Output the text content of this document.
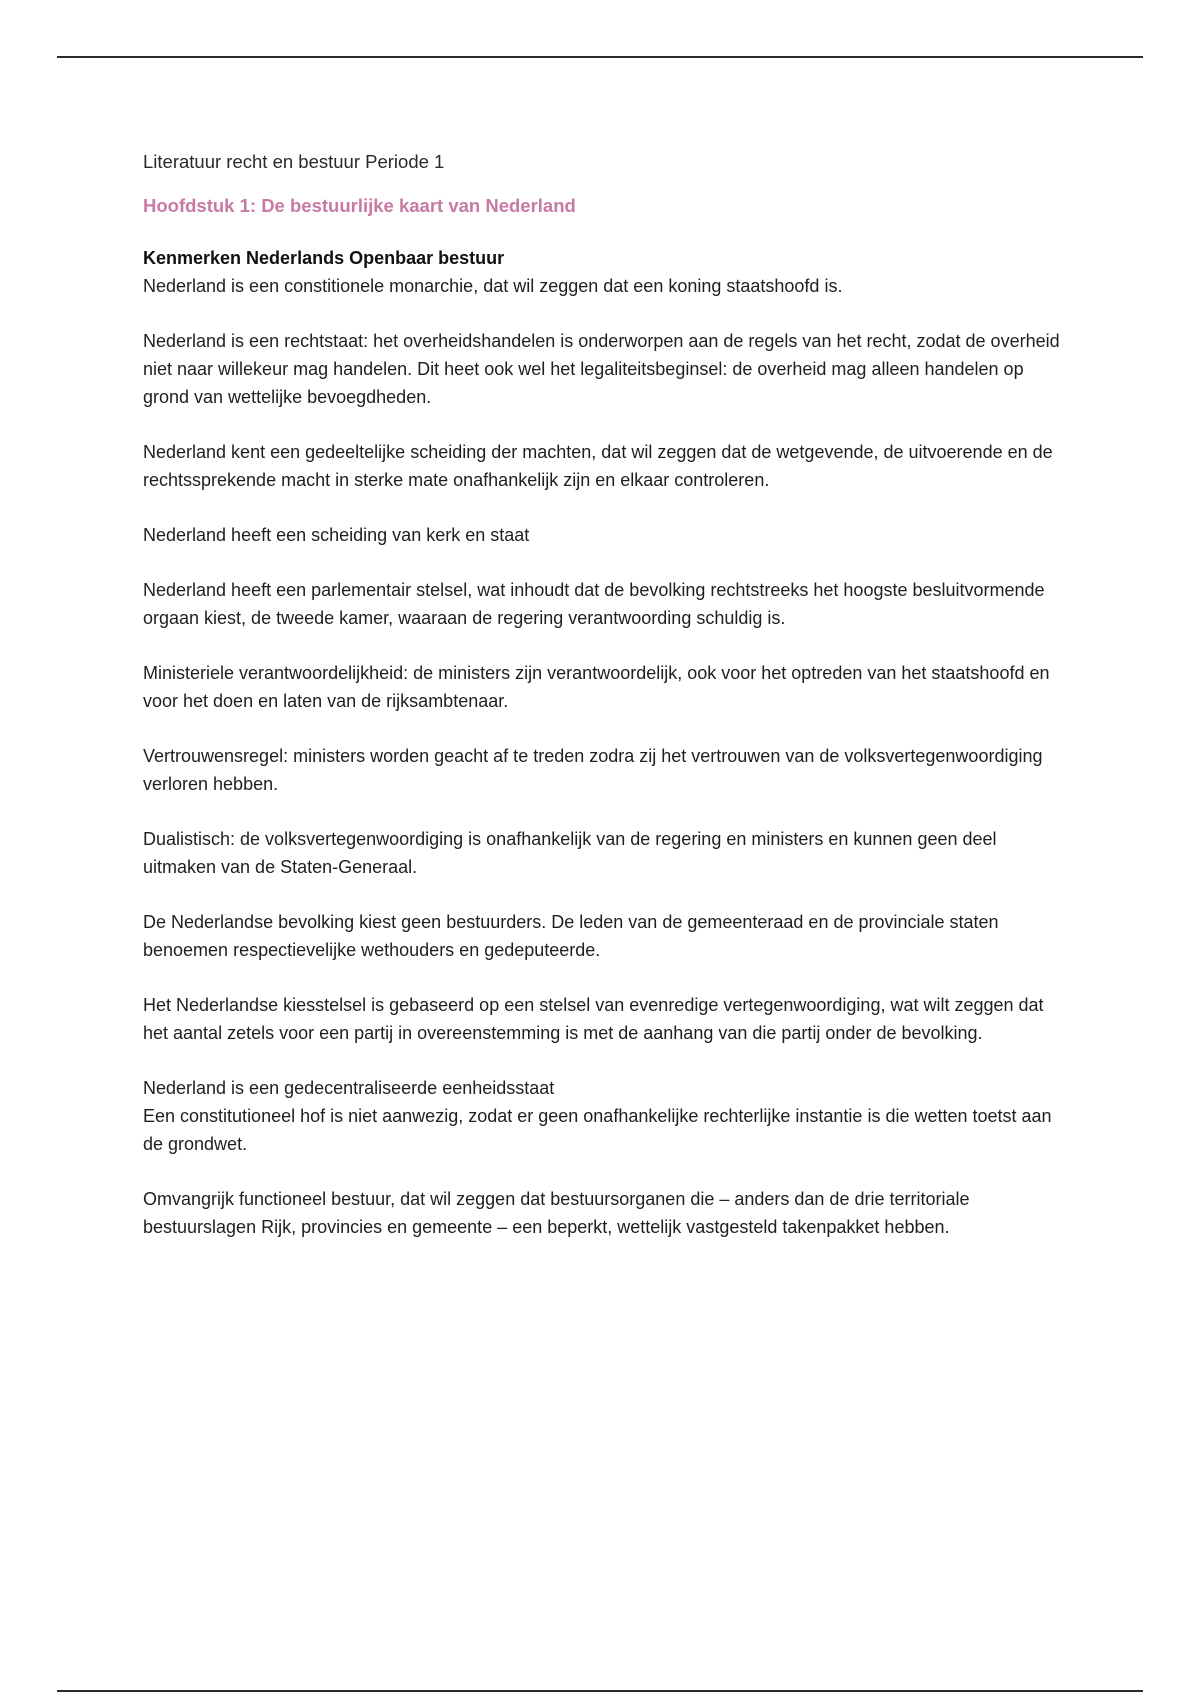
Literatuur recht en bestuur Periode 1

Hoofdstuk 1: De bestuurlijke kaart van Nederland

Kenmerken Nederlands Openbaar bestuur

Nederland is een constitionele monarchie, dat wil zeggen dat een koning staatshoofd is.

Nederland is een rechtstaat: het overheidshandelen is onderworpen aan de regels van het recht, zodat de overheid niet naar willekeur mag handelen. Dit heet ook wel het legaliteitsbeginsel: de overheid mag alleen handelen op grond van wettelijke bevoegdheden.

Nederland kent een gedeeltelijke scheiding der machten, dat wil zeggen dat de wetgevende, de uitvoerende en de rechtssprekende macht in sterke mate onafhankelijk zijn en elkaar controleren.

Nederland heeft een scheiding van kerk en staat

Nederland heeft een parlementair stelsel, wat inhoudt dat de bevolking rechtstreeks het hoogste besluitvormende orgaan kiest, de tweede kamer, waaraan de regering verantwoording schuldig is.

Ministeriele verantwoordelijkheid: de ministers zijn verantwoordelijk, ook voor het optreden van het staatshoofd en voor het doen en laten van de rijksambtenaar.

Vertrouwensregel: ministers worden geacht af te treden zodra zij het vertrouwen van de volksvertegenwoordiging verloren hebben.

Dualistisch: de volksvertegenwoordiging is onafhankelijk van de regering en ministers en kunnen geen deel uitmaken van de Staten-Generaal.

De Nederlandse bevolking kiest geen bestuurders. De leden van de gemeenteraad en de provinciale staten benoemen respectievelijke wethouders en gedeputeerde.

Het Nederlandse kiesstelsel is gebaseerd op een stelsel van evenredige vertegenwoordiging, wat wilt zeggen dat het aantal zetels voor een partij in overeenstemming is met de aanhang van die partij onder de bevolking.

Nederland is een gedecentraliseerde eenheidsstaat

Een constitutioneel hof is niet aanwezig, zodat er geen onafhankelijke rechterlijke instantie is die wetten toetst aan de grondwet.

Omvangrijk functioneel bestuur, dat wil zeggen dat bestuursorganen die – anders dan de drie territoriale bestuurslagen Rijk, provincies en gemeente – een beperkt, wettelijk vastgesteld takenpakket hebben.
